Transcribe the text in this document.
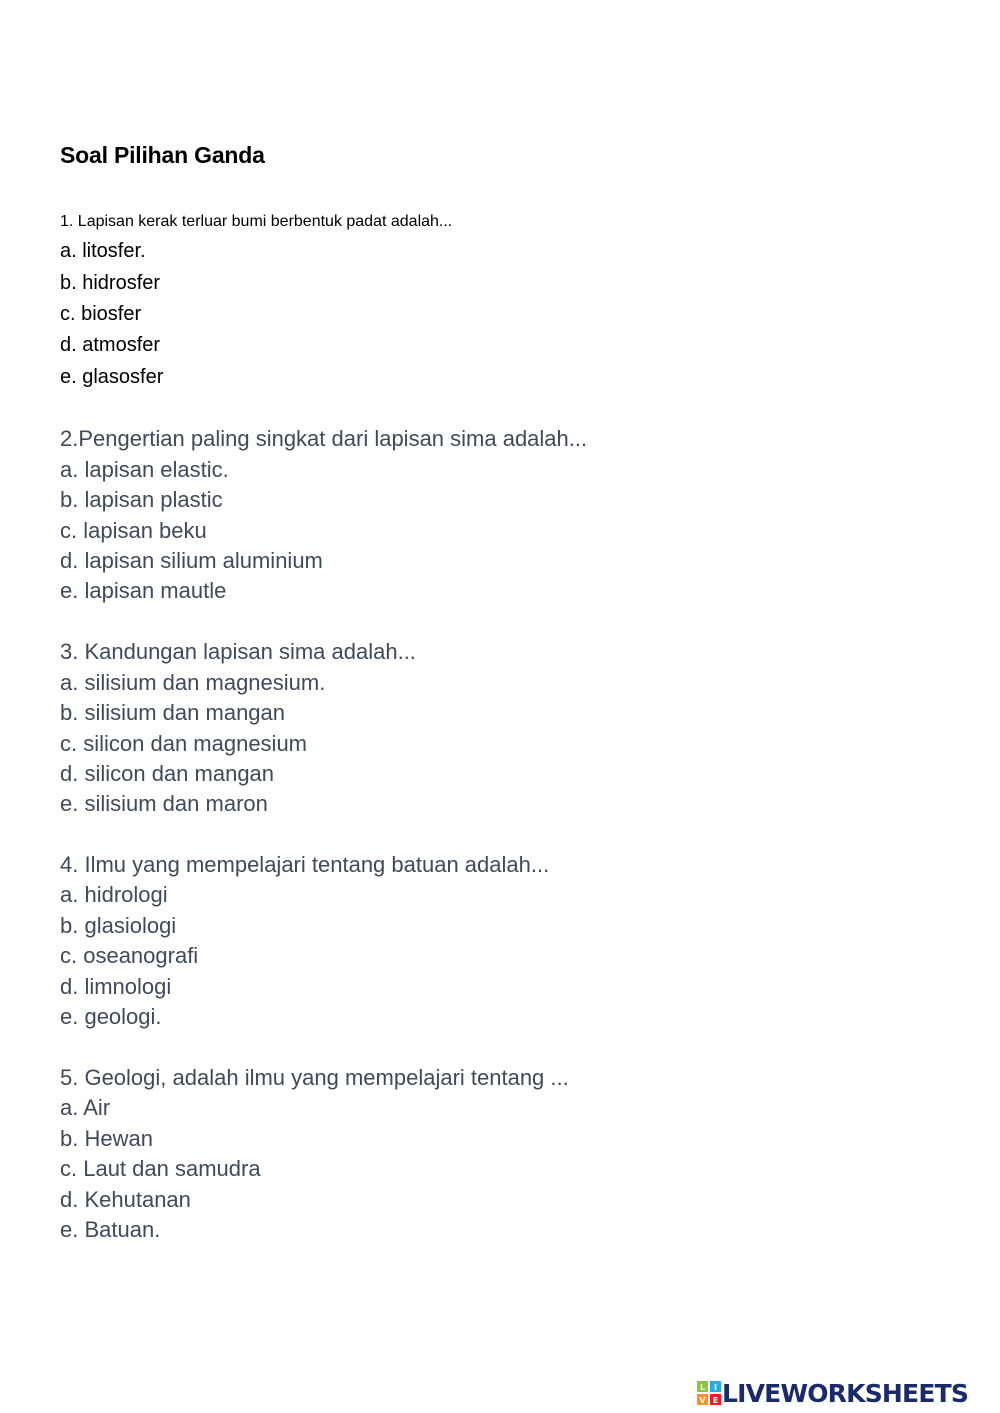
Soal Pilihan Ganda
1. Lapisan kerak terluar bumi berbentuk padat adalah...
a. litosfer.
b. hidrosfer
c. biosfer
d. atmosfer
e. glasosfer
2.Pengertian paling singkat dari lapisan sima adalah...
a. lapisan elastic.
b. lapisan plastic
c. lapisan beku
d. lapisan silium aluminium
e. lapisan mautle
3. Kandungan lapisan sima adalah...
a. silisium dan magnesium.
b. silisium dan mangan
c. silicon dan magnesium
d. silicon dan mangan
e. silisium dan maron
4. Ilmu yang mempelajari tentang batuan adalah...
a. hidrologi
b. glasiologi
c. oseanografi
d. limnologi
e. geologi.
5. Geologi, adalah ilmu yang mempelajari tentang ...
a. Air
b. Hewan
c. Laut dan samudra
d. Kehutanan
e. Batuan.
L I
V E LIVEWORKSHEETS
